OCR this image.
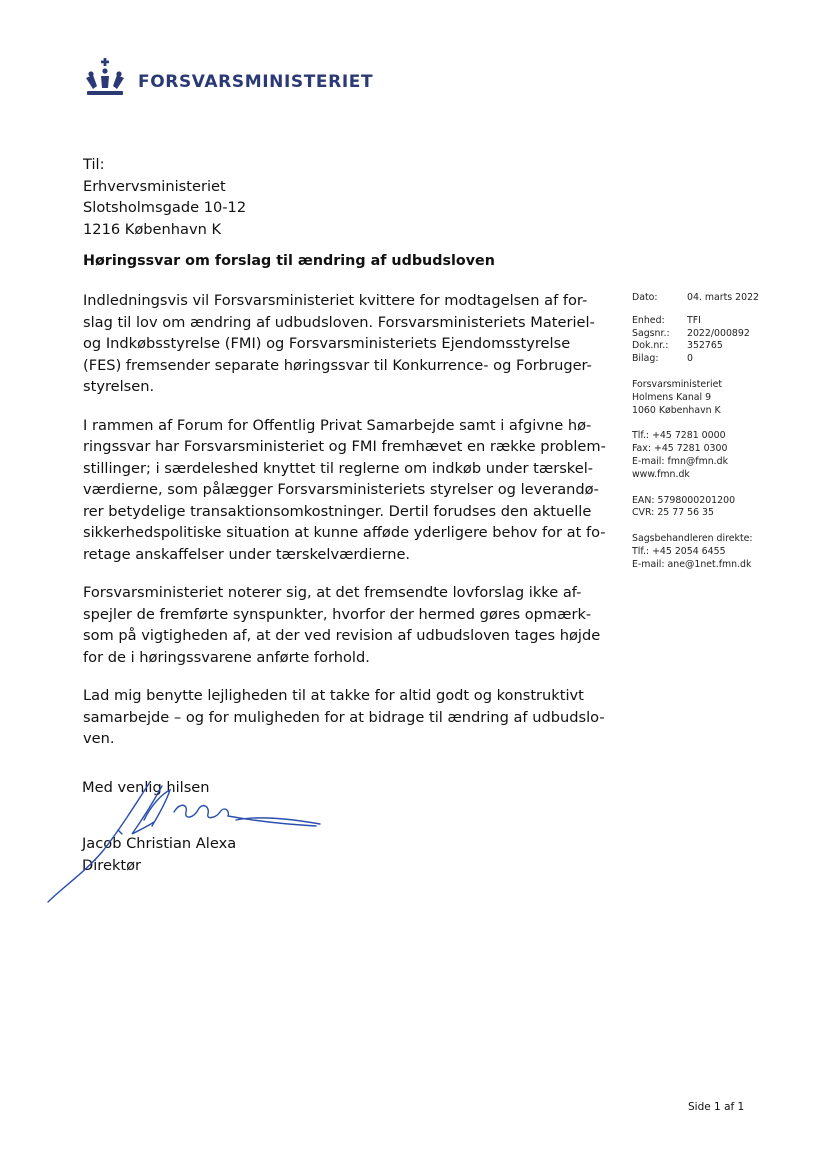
FORSVARSMINISTERIET
Til:
Erhvervsministeriet
Slotsholmsgade 10-12
1216 København K
Høringssvar om forslag til ændring af udbudsloven

Indledningsvis vil Forsvarsministeriet kvittere for modtagelsen af for-
slag til lov om ændring af udbudsloven. Forsvarsministeriets Materiel-
og Indkøbsstyrelse (FMI) og Forsvarsministeriets Ejendomsstyrelse
(FES) fremsender separate høringssvar til Konkurrence- og Forbruger-
styrelsen.

I rammen af Forum for Offentlig Privat Samarbejde samt i afgivne hø-
ringssvar har Forsvarsministeriet og FMI fremhævet en række problem-
stillinger; i særdeleshed knyttet til reglerne om indkøb under tærskel-
værdierne, som pålægger Forsvarsministeriets styrelser og leverandø-
rer betydelige transaktionsomkostninger. Dertil forudses den aktuelle
sikkerhedspolitiske situation at kunne afføde yderligere behov for at fo-
retage anskaffelser under tærskelværdierne.

Forsvarsministeriet noterer sig, at det fremsendte lovforslag ikke af-
spejler de fremførte synspunkter, hvorfor der hermed gøres opmærk-
som på vigtigheden af, at der ved revision af udbudsloven tages højde
for de i høringssvarene anførte forhold.

Lad mig benytte lejligheden til at takke for altid godt og konstruktivt
samarbejde – og for muligheden for at bidrage til ændring af udbudslo-
ven.

Dato:	04. marts 2022
Enhed:	TFI
Sagsnr.:	2022/000892
Dok.nr.:	352765
Bilag:	0
Forsvarsministeriet
Holmens Kanal 9
1060 København K
Tlf.: +45 7281 0000
Fax: +45 7281 0300
E-mail: fmn@fmn.dk
www.fmn.dk
EAN: 5798000201200
CVR: 25 77 56 35
Sagsbehandleren direkte:
Tlf.: +45 2054 6455
E-mail: ane@1net.fmn.dk
Med venlig hilsen
Jacob Christian Alexa
Direktør
Side 1 af 1
